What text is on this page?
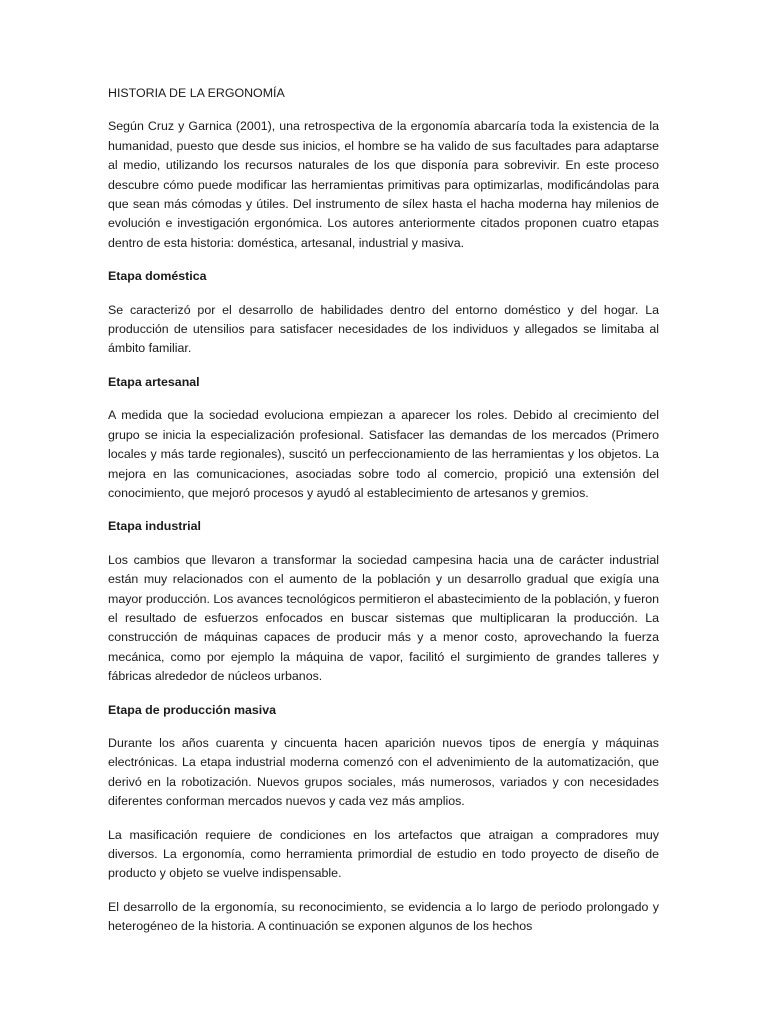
HISTORIA DE LA ERGONOMÍA

Según Cruz y Garnica (2001), una retrospectiva de la ergonomía abarcaría toda la existencia de la humanidad, puesto que desde sus inicios, el hombre se ha valido de sus facultades para adaptarse al medio, utilizando los recursos naturales de los que disponía para sobrevivir. En este proceso descubre cómo puede modificar las herramientas primitivas para optimizarlas, modificándolas para que sean más cómodas y útiles. Del instrumento de sílex hasta el hacha moderna hay milenios de evolución e investigación ergonómica. Los autores anteriormente citados proponen cuatro etapas dentro de esta historia: doméstica, artesanal, industrial y masiva.

Etapa doméstica

Se caracterizó por el desarrollo de habilidades dentro del entorno doméstico y del hogar. La producción de utensilios para satisfacer necesidades de los individuos y allegados se limitaba al ámbito familiar.

Etapa artesanal

A medida que la sociedad evoluciona empiezan a aparecer los roles. Debido al crecimiento del grupo se inicia la especialización profesional. Satisfacer las demandas de los mercados (Primero locales y más tarde regionales), suscitó un perfeccionamiento de las herramientas y los objetos. La mejora en las comunicaciones, asociadas sobre todo al comercio, propició una extensión del conocimiento, que mejoró procesos y ayudó al establecimiento de artesanos y gremios.

Etapa industrial

Los cambios que llevaron a transformar la sociedad campesina hacia una de carácter industrial están muy relacionados con el aumento de la población y un desarrollo gradual que exigía una mayor producción. Los avances tecnológicos permitieron el abastecimiento de la población, y fueron el resultado de esfuerzos enfocados en buscar sistemas que multiplicaran la producción. La construcción de máquinas capaces de producir más y a menor costo, aprovechando la fuerza mecánica, como por ejemplo la máquina de vapor, facilitó el surgimiento de grandes talleres y fábricas alrededor de núcleos urbanos.

Etapa de producción masiva

Durante los años cuarenta y cincuenta hacen aparición nuevos tipos de energía y máquinas electrónicas. La etapa industrial moderna comenzó con el advenimiento de la automatización, que derivó en la robotización. Nuevos grupos sociales, más numerosos, variados y con necesidades diferentes conforman mercados nuevos y cada vez más amplios.

La masificación requiere de condiciones en los artefactos que atraigan a compradores muy diversos. La ergonomía, como herramienta primordial de estudio en todo proyecto de diseño de producto y objeto se vuelve indispensable.

El desarrollo de la ergonomía, su reconocimiento, se evidencia a lo largo de periodo prolongado y heterogéneo de la historia. A continuación se exponen algunos de los hechos
